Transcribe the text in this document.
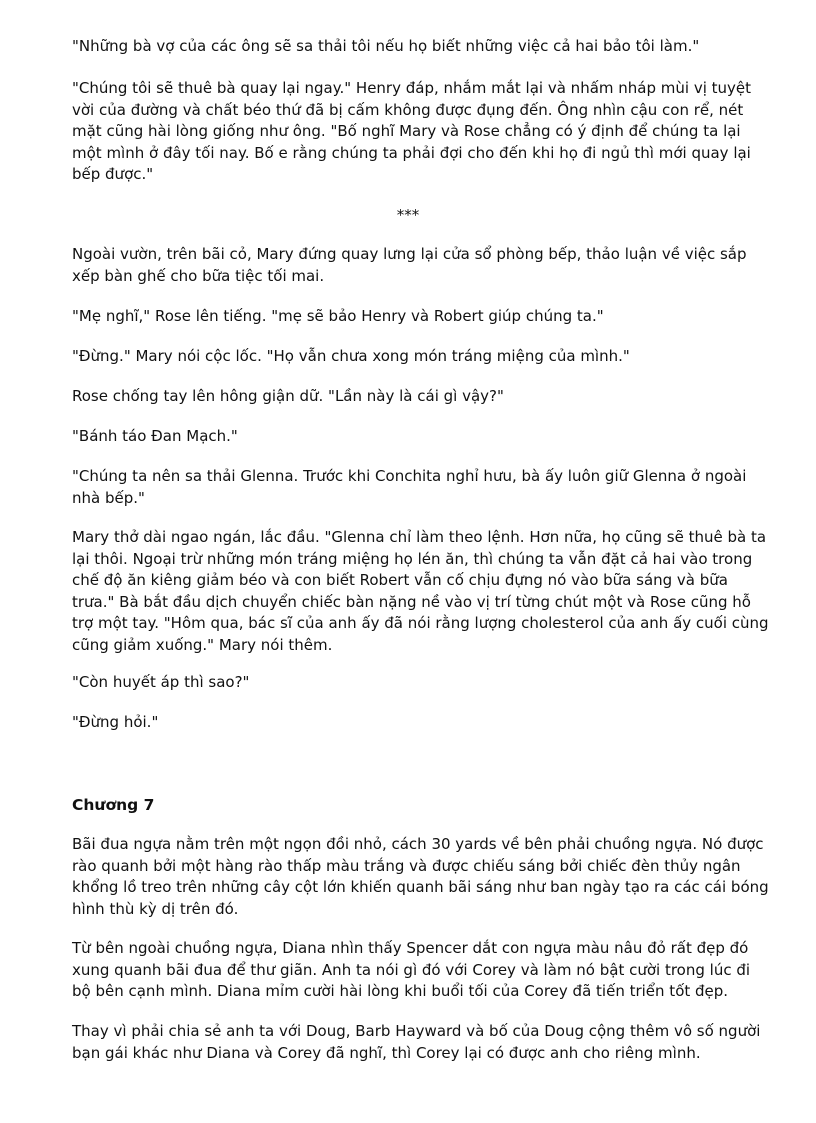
"Những bà vợ của các ông sẽ sa thải tôi nếu họ biết những việc cả hai bảo tôi làm."

"Chúng tôi sẽ thuê bà quay lại ngay." Henry đáp, nhắm mắt lại và nhấm nháp mùi vị tuyệt vời của đường và chất béo thứ đã bị cấm không được đụng đến. Ông nhìn cậu con rể, nét mặt cũng hài lòng giống như ông. "Bố nghĩ Mary và Rose chẳng có ý định để chúng ta lại một mình ở đây tối nay. Bố e rằng chúng ta phải đợi cho đến khi họ đi ngủ thì mới quay lại bếp được."

***

Ngoài vườn, trên bãi cỏ, Mary đứng quay lưng lại cửa sổ phòng bếp, thảo luận về việc sắp xếp bàn ghế cho bữa tiệc tối mai.

"Mẹ nghĩ," Rose lên tiếng. "mẹ sẽ bảo Henry và Robert giúp chúng ta."

"Đừng." Mary nói cộc lốc. "Họ vẫn chưa xong món tráng miệng của mình."

Rose chống tay lên hông giận dữ. "Lần này là cái gì vậy?"

"Bánh táo Đan Mạch."

"Chúng ta nên sa thải Glenna. Trước khi Conchita nghỉ hưu, bà ấy luôn giữ Glenna ở ngoài nhà bếp."

Mary thở dài ngao ngán, lắc đầu. "Glenna chỉ làm theo lệnh. Hơn nữa, họ cũng sẽ thuê bà ta lại thôi. Ngoại trừ những món tráng miệng họ lén ăn, thì chúng ta vẫn đặt cả hai vào trong chế độ ăn kiêng giảm béo và con biết Robert vẫn cố chịu đựng nó vào bữa sáng và bữa trưa." Bà bắt đầu dịch chuyển chiếc bàn nặng nề vào vị trí từng chút một và Rose cũng hỗ trợ một tay. "Hôm qua, bác sĩ của anh ấy đã nói rằng lượng cholesterol của anh ấy cuối cùng cũng giảm xuống." Mary nói thêm.

"Còn huyết áp thì sao?"

"Đừng hỏi."

Chương 7

Bãi đua ngựa nằm trên một ngọn đồi nhỏ, cách 30 yards về bên phải chuồng ngựa. Nó được rào quanh bởi một hàng rào thấp màu trắng và được chiếu sáng bởi chiếc đèn thủy ngân khổng lồ treo trên những cây cột lớn khiến quanh bãi sáng như ban ngày tạo ra các cái bóng hình thù kỳ dị trên đó.

Từ bên ngoài chuồng ngựa, Diana nhìn thấy Spencer dắt con ngựa màu nâu đỏ rất đẹp đó xung quanh bãi đua để thư giãn. Anh ta nói gì đó với Corey và làm nó bật cười trong lúc đi bộ bên cạnh mình. Diana mỉm cười hài lòng khi buổi tối của Corey đã tiến triển tốt đẹp.

Thay vì phải chia sẻ anh ta với Doug, Barb Hayward và bố của Doug cộng thêm vô số người bạn gái khác như Diana và Corey đã nghĩ, thì Corey lại có được anh cho riêng mình.
